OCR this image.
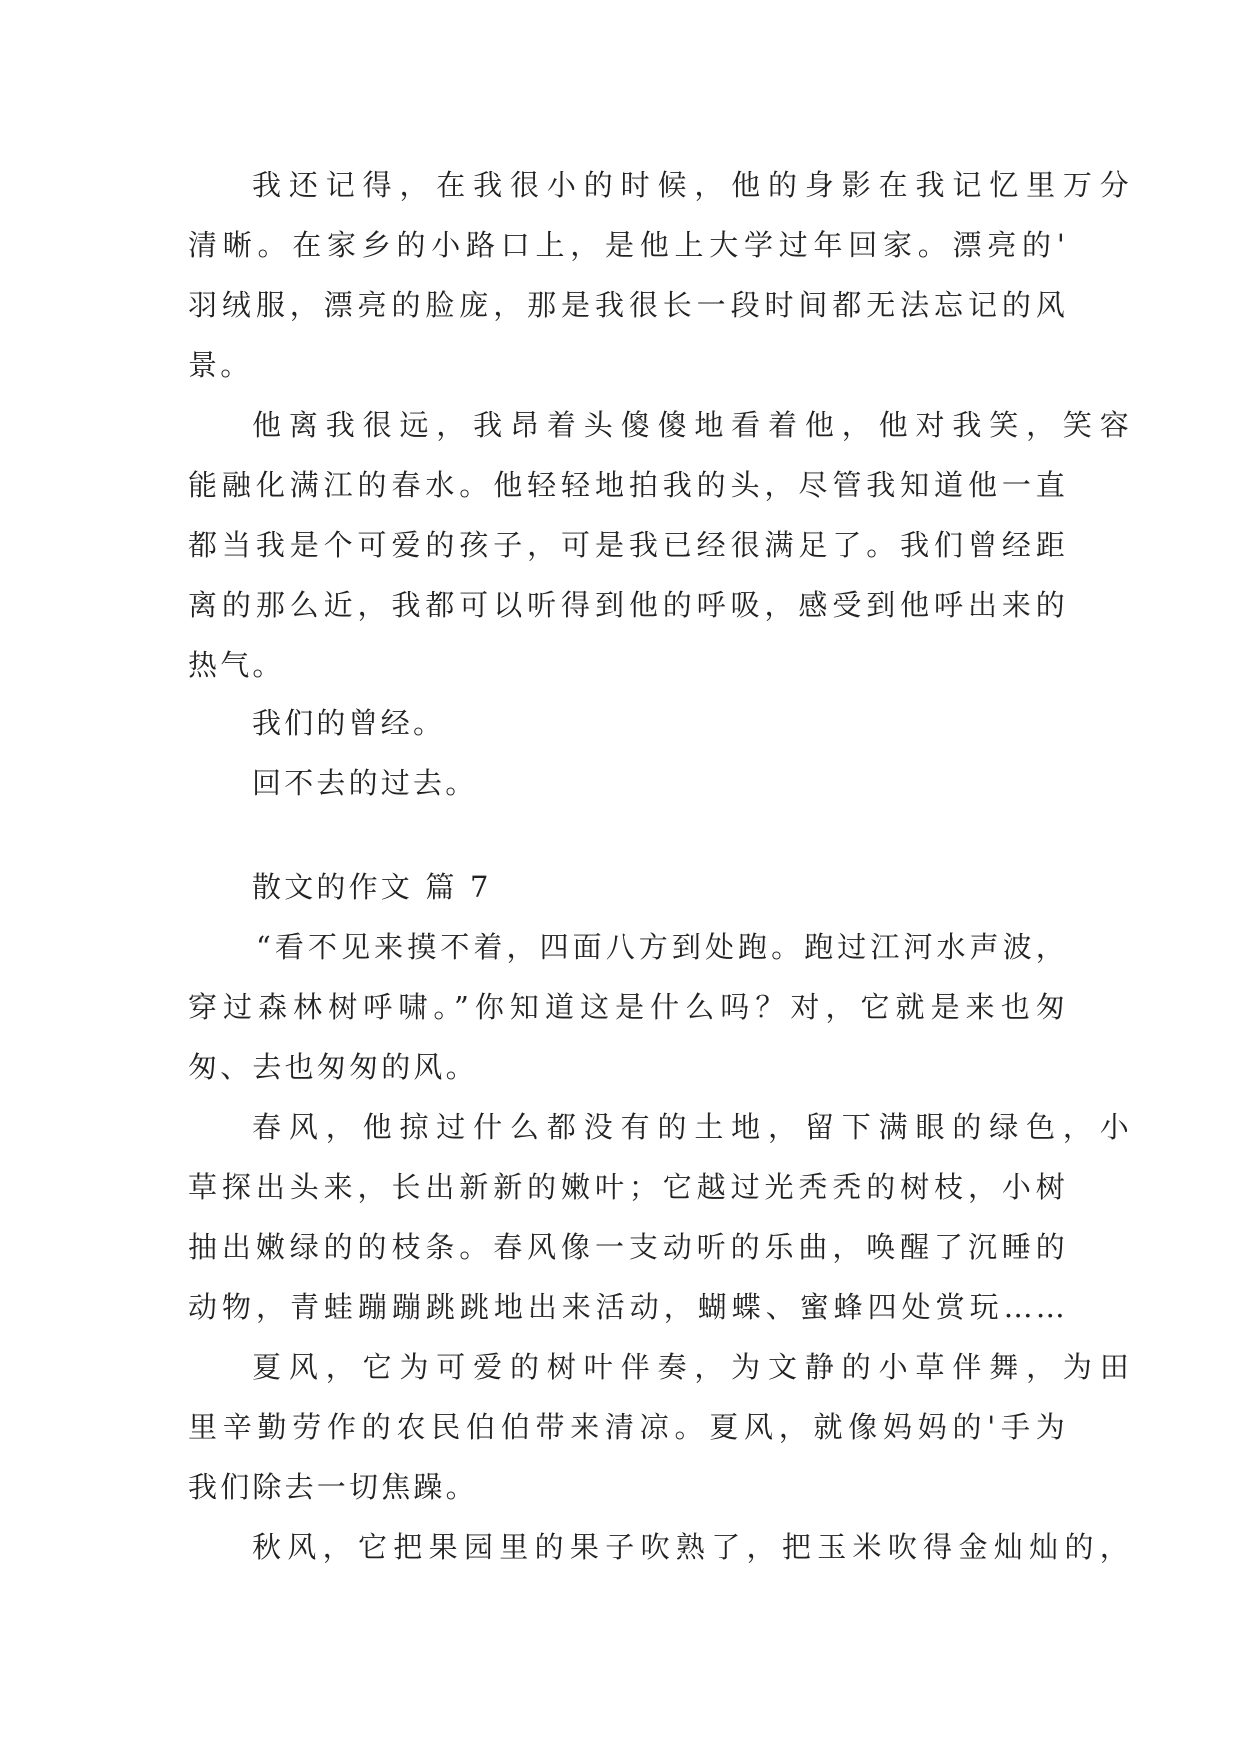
我还记得，在我很小的时候，他的身影在我记忆里万分
清晰。在家乡的小路口上，是他上大学过年回家。漂亮的'
羽绒服，漂亮的脸庞，那是我很长一段时间都无法忘记的风
景。
他离我很远，我昂着头傻傻地看着他，他对我笑，笑容
能融化满江的春水。他轻轻地拍我的头，尽管我知道他一直
都当我是个可爱的孩子，可是我已经很满足了。我们曾经距
离的那么近，我都可以听得到他的呼吸，感受到他呼出来的
热气。
我们的曾经。
回不去的过去。
散文的作文 篇 7
“看不见来摸不着，四面八方到处跑。跑过江河水声波，
穿过森林树呼啸。”你知道这是什么吗？对，它就是来也匆
匆、去也匆匆的风。
春风，他掠过什么都没有的土地，留下满眼的绿色，小
草探出头来，长出新新的嫩叶；它越过光秃秃的树枝，小树
抽出嫩绿的的枝条。春风像一支动听的乐曲，唤醒了沉睡的
动物，青蛙蹦蹦跳跳地出来活动，蝴蝶、蜜蜂四处赏玩……
夏风，它为可爱的树叶伴奏，为文静的小草伴舞，为田
里辛勤劳作的农民伯伯带来清凉。夏风，就像妈妈的'手为
我们除去一切焦躁。
秋风，它把果园里的果子吹熟了，把玉米吹得金灿灿的，
